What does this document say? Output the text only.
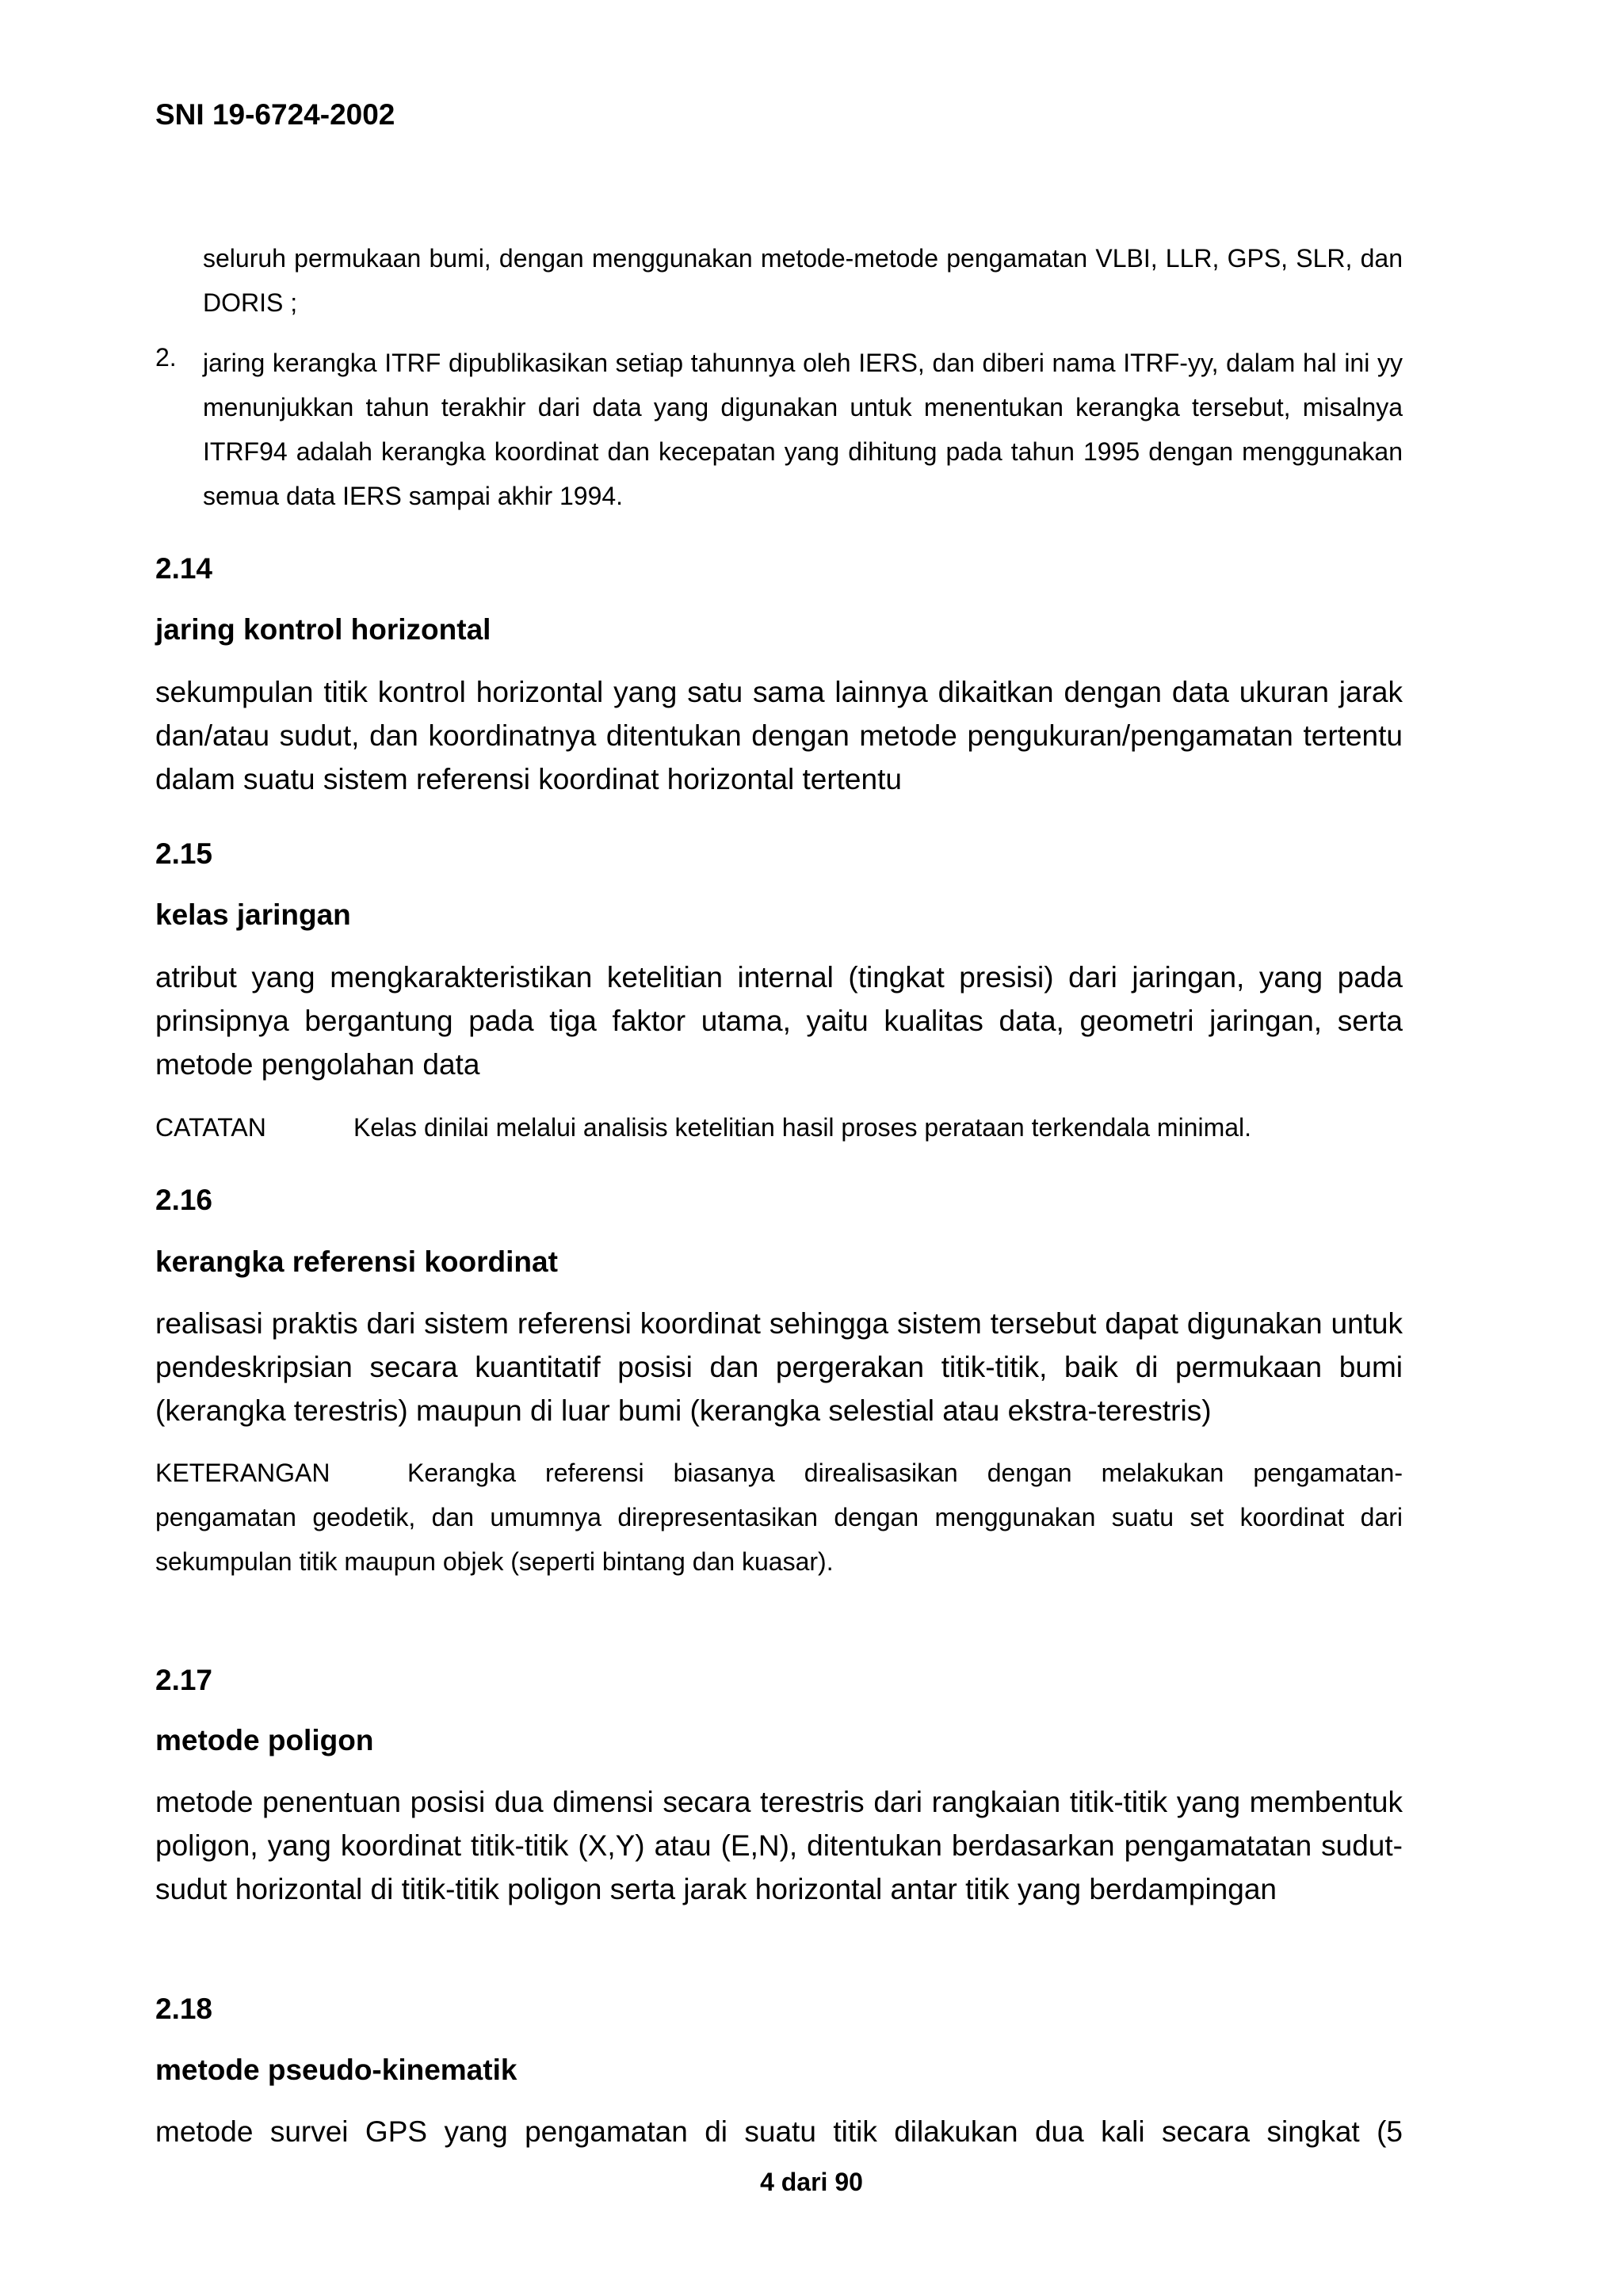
SNI 19-6724-2002
seluruh permukaan bumi, dengan menggunakan metode-metode pengamatan VLBI, LLR, GPS, SLR, dan DORIS ;
2. jaring kerangka ITRF dipublikasikan setiap tahunnya oleh IERS, dan diberi nama ITRF-yy, dalam hal ini yy menunjukkan tahun terakhir dari data yang digunakan untuk menentukan kerangka tersebut, misalnya ITRF94 adalah kerangka koordinat dan kecepatan yang dihitung pada tahun 1995 dengan menggunakan semua data IERS sampai akhir 1994.
2.14
jaring kontrol horizontal
sekumpulan titik kontrol horizontal yang satu sama lainnya dikaitkan dengan data ukuran jarak dan/atau sudut, dan koordinatnya ditentukan dengan metode pengukuran/pengamatan tertentu dalam suatu sistem referensi koordinat horizontal tertentu
2.15
kelas jaringan
atribut yang mengkarakteristikan ketelitian internal (tingkat presisi) dari jaringan, yang pada prinsipnya bergantung pada tiga faktor utama, yaitu kualitas data, geometri jaringan, serta metode pengolahan data
CATATAN	Kelas dinilai melalui analisis ketelitian hasil proses perataan terkendala minimal.
2.16
kerangka referensi koordinat
realisasi praktis dari sistem referensi koordinat sehingga sistem tersebut dapat digunakan untuk pendeskripsian secara kuantitatif posisi dan pergerakan titik-titik, baik di permukaan bumi (kerangka terestris) maupun di luar bumi (kerangka selestial atau ekstra-terestris)
KETERANGAN	Kerangka referensi biasanya direalisasikan dengan melakukan pengamatan-pengamatan geodetik, dan umumnya direpresentasikan dengan menggunakan suatu set koordinat dari sekumpulan titik maupun objek (seperti bintang dan kuasar).
2.17
metode poligon
metode penentuan posisi dua dimensi secara terestris dari rangkaian titik-titik yang membentuk poligon, yang koordinat titik-titik (X,Y) atau (E,N), ditentukan berdasarkan pengamatatan sudut-sudut horizontal di titik-titik poligon serta jarak horizontal antar titik yang berdampingan
2.18
metode pseudo-kinematik
metode survei GPS yang pengamatan di suatu titik dilakukan dua kali secara singkat (5
4 dari 90
